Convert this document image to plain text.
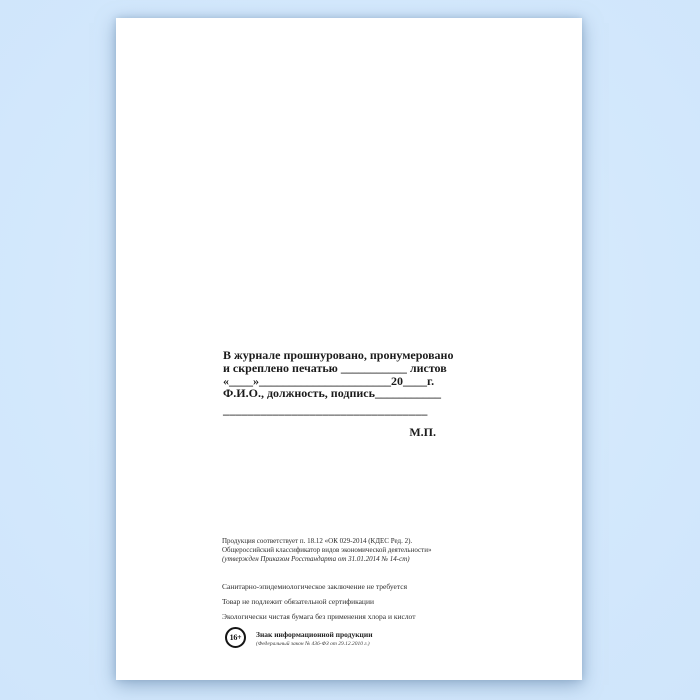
В журнале прошнуровано, пронумеровано
и скреплено печатью ___________ листов
«____»______________________20____г.
Ф.И.О., должность, подпись___________
_________________________________
М.П.
Продукция соответствует п. 18.12 «ОК 029-2014 (КДЕС Ред. 2).
Общероссийский классификатор видов экономической деятельности»
(утвержден Приказом Росстандарта от 31.01.2014 № 14-ст)
Санитарно-эпидемиологическое заключение не требуется
Товар не подлежит обязательной сертификации
Экологически чистая бумага без применения хлора и кислот
16+	Знак информационной продукции
(Федеральный закон № 436-ФЗ от 29.12.2010 г.)
